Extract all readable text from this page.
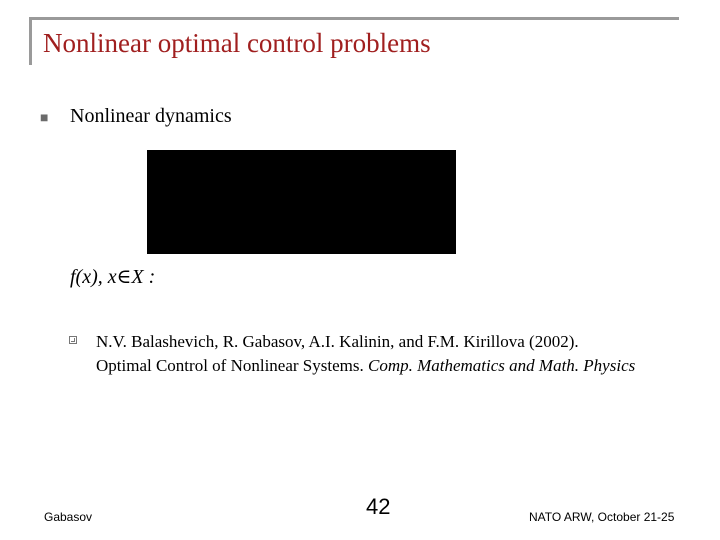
Nonlinear optimal control problems
■ Nonlinear dynamics
f(x), x∈X :
N.V. Balashevich, R. Gabasov, A.I. Kalinin, and F.M. Kirillova (2002).
Optimal Control of Nonlinear Systems. Comp. Mathematics and Math. Physics
Gabasov	42	NATO ARW, October 21-25
